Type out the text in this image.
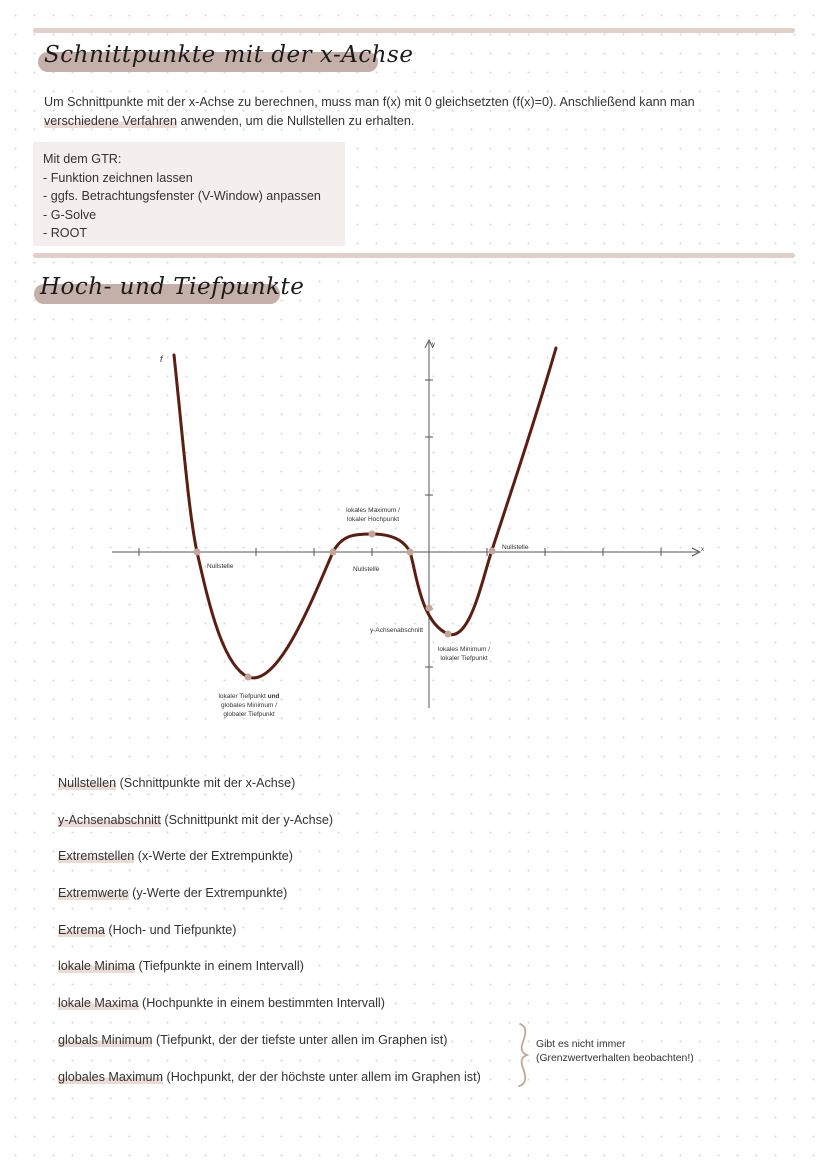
Schnittpunkte mit der x-Achse
Um Schnittpunkte mit der x-Achse zu berechnen, muss man f(x) mit 0 gleichsetzten (f(x)=0). Anschließend kann man verschiedene Verfahren anwenden, um die Nullstellen zu erhalten.
Mit dem GTR:
- Funktion zeichnen lassen
- ggfs. Betrachtungsfenster (V-Window) anpassen
- G-Solve
- ROOT
Hoch- und Tiefpunkte
f
x
y
Nullstelle	Nullstelle
Nullstelle
lokales Maximum /
lokaler Hochpunkt
y-Achsenabschnitt
lokales Minimum /
lokaler Tiefpunkt
lokaler Tiefpunkt und
globales Minimum /
globaler Tiefpunkt
Nullstellen (Schnittpunkte mit der x-Achse)
y-Achsenabschnitt (Schnittpunkt mit der y-Achse)
Extremstellen (x-Werte der Extrempunkte)
Extremwerte (y-Werte der Extrempunkte)
Extrema (Hoch- und Tiefpunkte)
lokale Minima (Tiefpunkte in einem Intervall)
lokale Maxima (Hochpunkte in einem bestimmten Intervall)
globals Minimum (Tiefpunkt, der der tiefste unter allen im Graphen ist)
globales Maximum (Hochpunkt, der der höchste unter allem im Graphen ist)
Gibt es nicht immer
(Grenzwertverhalten beobachten!)
